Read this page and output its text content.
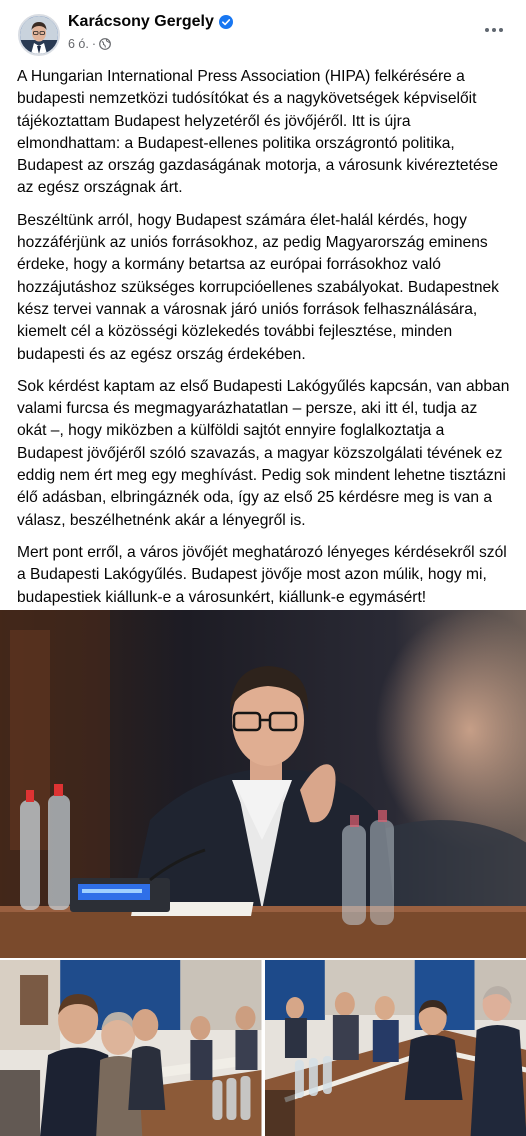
Karácsony Gergely
6 ó. ·

A Hungarian International Press Association (HIPA) felkérésére a budapesti nemzetközi tudósítókat és a nagykövetségek képviselőit tájékoztattam Budapest helyzetéről és jövőjéről. Itt is újra elmondhattam: a Budapest-ellenes politika országrontó politika, Budapest az ország gazdaságának motorja, a városunk kivéreztetése az egész országnak árt.

Beszéltünk arról, hogy Budapest számára élet-halál kérdés, hogy hozzáférjünk az uniós forrásokhoz, az pedig Magyarország eminens érdeke, hogy a kormány betartsa az európai forrásokhoz való hozzájutáshoz szükséges korrupcióellenes szabályokat. Budapestnek kész tervei vannak a városnak járó uniós források felhasználására, kiemelt cél a közösségi közlekedés további fejlesztése, minden budapesti és az egész ország érdekében.

Sok kérdést kaptam az első Budapesti Lakógyűlés kapcsán, van abban valami furcsa és megmagyarázhatatlan – persze, aki itt él, tudja az okát –, hogy miközben a külföldi sajtót ennyire foglalkoztatja a Budapest jövőjéről szóló szavazás, a magyar közszolgálati tévének ez eddig nem ért meg egy meghívást. Pedig sok mindent lehetne tisztázni élő adásban, elbringáznék oda, így az első 25 kérdésre meg is van a válasz, beszélhetnénk akár a lényegről is.

Mert pont erről, a város jövőjét meghatározó lényeges kérdésekről szól a Budapesti Lakógyűlés. Budapest jövője most azon múlik, hogy mi, budapestiek kiállunk-e a városunkért, kiállunk-e egymásért!
